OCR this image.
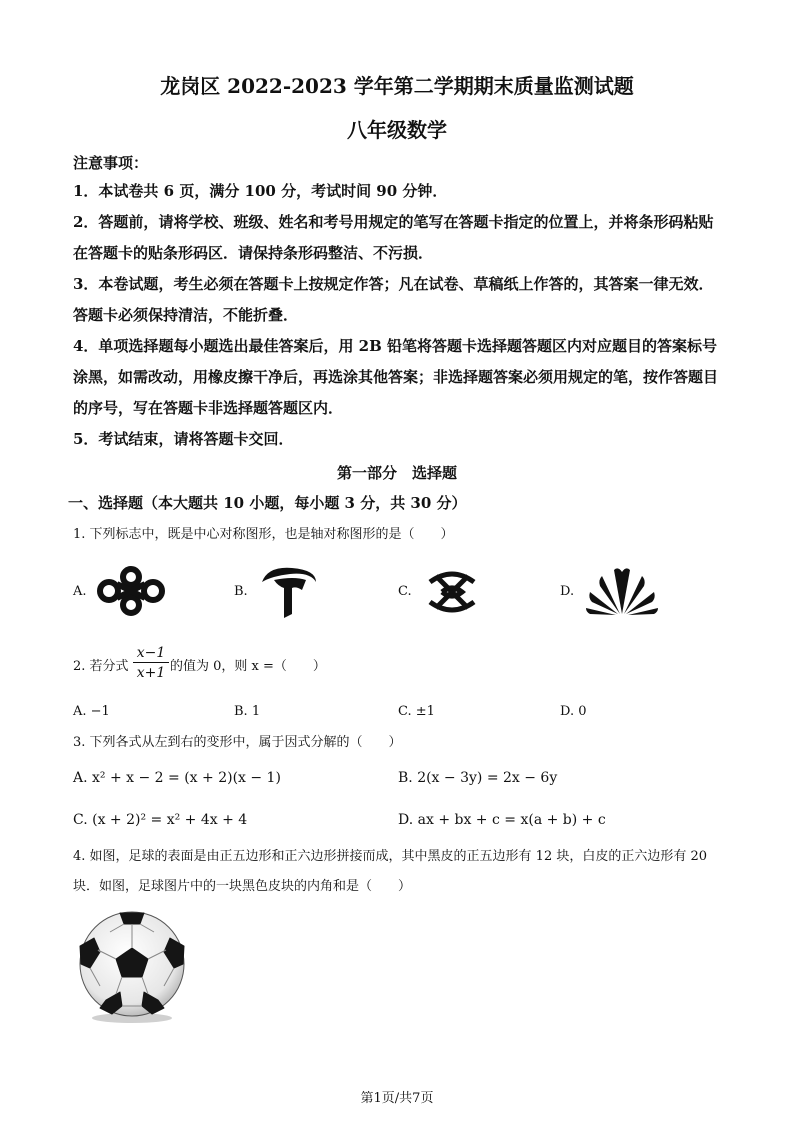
龙岗区 2022-2023 学年第二学期期末质量监测试题
八年级数学
注意事项：
1．本试卷共 6 页，满分 100 分，考试时间 90 分钟．
2．答题前，请将学校、班级、姓名和考号用规定的笔写在答题卡指定的位置上，并将条形码粘贴在答题卡的贴条形码区．请保持条形码整洁、不污损．
3．本卷试题，考生必须在答题卡上按规定作答；凡在试卷、草稿纸上作答的，其答案一律无效．答题卡必须保持清洁，不能折叠．
4．单项选择题每小题选出最佳答案后，用 2B 铅笔将答题卡选择题答题区内对应题目的答案标号涂黑，如需改动，用橡皮擦干净后，再选涂其他答案；非选择题答案必须用规定的笔，按作答题目的序号，写在答题卡非选择题答题区内．
5．考试结束，请将答题卡交回．
第一部分　选择题
一、选择题（本大题共 10 小题，每小题 3 分，共 30 分）
1. 下列标志中，既是中心对称图形，也是轴对称图形的是（　　）
A.	B.	C.	D.
2. 若分式 $\frac{x-1}{x+1}$ 的值为 0，则 x =（　　）
A. −1	B. 1	C. ±1	D. 0
3. 下列各式从左到右的变形中，属于因式分解的（　　）
A. x² + x − 2 = (x + 2)(x − 1)	B. 2(x − 3y) = 2x − 6y
C. (x + 2)² = x² + 4x + 4	D. ax + bx + c = x(a + b) + c
4. 如图，足球的表面是由正五边形和正六边形拼接而成，其中黑皮的正五边形有 12 块，白皮的正六边形有 20 块．如图，足球图片中的一块黑色皮块的内角和是（　　）
第1页/共7页
